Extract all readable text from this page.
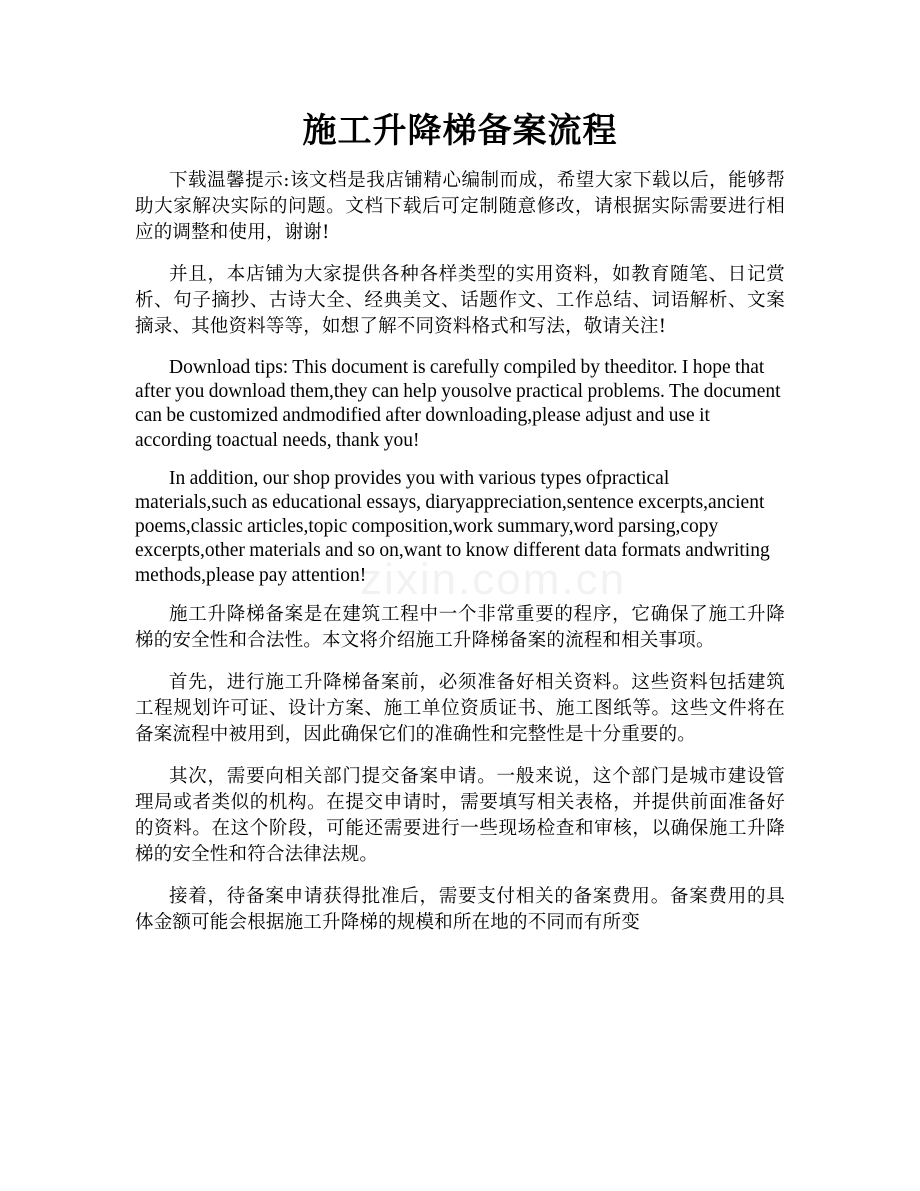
施工升降梯备案流程

下载温馨提示:该文档是我店铺精心编制而成，希望大家下载以后，能够帮助大家解决实际的问题。文档下载后可定制随意修改，请根据实际需要进行相应的调整和使用，谢谢!

并且，本店铺为大家提供各种各样类型的实用资料，如教育随笔、日记赏析、句子摘抄、古诗大全、经典美文、话题作文、工作总结、词语解析、文案摘录、其他资料等等，如想了解不同资料格式和写法，敬请关注!

Download tips: This document is carefully compiled by theeditor. I hope that after you download them,they can help yousolve practical problems. The document can be customized andmodified after downloading,please adjust and use it according toactual needs, thank you!

In addition, our shop provides you with various types ofpractical materials,such as educational essays, diaryappreciation,sentence excerpts,ancient poems,classic articles,topic composition,work summary,word parsing,copy excerpts,other materials and so on,want to know different data formats andwriting methods,please pay attention!

施工升降梯备案是在建筑工程中一个非常重要的程序，它确保了施工升降梯的安全性和合法性。本文将介绍施工升降梯备案的流程和相关事项。

首先，进行施工升降梯备案前，必须准备好相关资料。这些资料包括建筑工程规划许可证、设计方案、施工单位资质证书、施工图纸等。这些文件将在备案流程中被用到，因此确保它们的准确性和完整性是十分重要的。

其次，需要向相关部门提交备案申请。一般来说，这个部门是城市建设管理局或者类似的机构。在提交申请时，需要填写相关表格，并提供前面准备好的资料。在这个阶段，可能还需要进行一些现场检查和审核，以确保施工升降梯的安全性和符合法律法规。

接着，待备案申请获得批准后，需要支付相关的备案费用。备案费用的具体金额可能会根据施工升降梯的规模和所在地的不同而有所变

zixin.com.cn
